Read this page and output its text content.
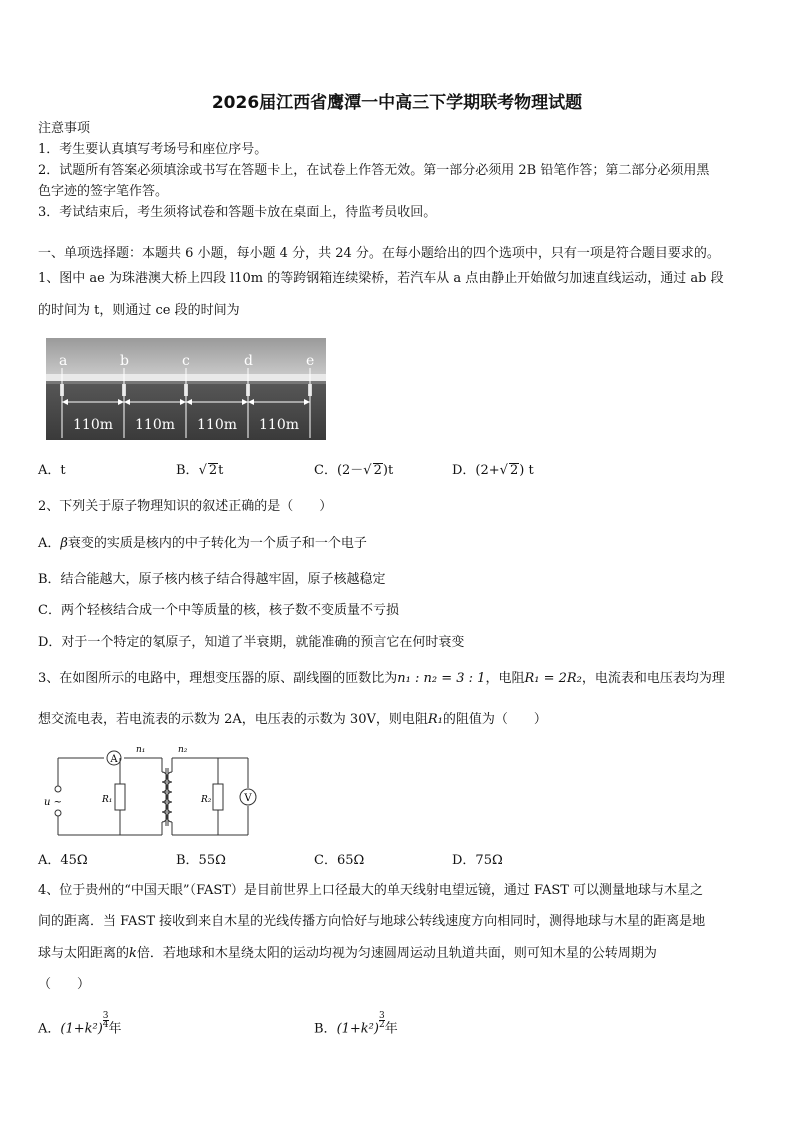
2026届江西省鹰潭一中高三下学期联考物理试题
注意事项
1．考生要认真填写考场号和座位序号。
2．试题所有答案必须填涂或书写在答题卡上，在试卷上作答无效。第一部分必须用 2B 铅笔作答；第二部分必须用黑
色字迹的签字笔作答。
3．考试结束后，考生须将试卷和答题卡放在桌面上，待监考员收回。
一、单项选择题：本题共 6 小题，每小题 4 分，共 24 分。在每小题给出的四个选项中，只有一项是符合题目要求的。
1、图中 ae 为珠港澳大桥上四段 l10m 的等跨钢箱连续梁桥，若汽车从 a 点由静止开始做匀加速直线运动，通过 ab 段
的时间为 t，则通过 ce 段的时间为
a	b	c	d	e
110m 110m 110m 110m
A．t	B．√ 2t	C．(2－√ 2)t	D．(2+√ 2) t
2、下列关于原子物理知识的叙述正确的是（　　）
A．β衰变的实质是核内的中子转化为一个质子和一个电子
B．结合能越大，原子核内核子结合得越牢固，原子核越稳定
C．两个轻核结合成一个中等质量的核，核子数不变质量不亏损
D．对于一个特定的氡原子，知道了半衰期，就能准确的预言它在何时衰变
3、在如图所示的电路中，理想变压器的原、副线圈的匝数比为n₁ : n₂ = 3 : 1，电阻R₁ = 2R₂，电流表和电压表均为理
想交流电表，若电流表的示数为 2A，电压表的示数为 30V，则电阻R₁的阻值为（　　）
A
V
n₁	n₂
u ~	R₁	R₂
A．45Ω	B．55Ω	C．65Ω	D．75Ω
4、位于贵州的“中国天眼”（FAST）是目前世界上口径最大的单天线射电望远镜，通过 FAST 可以测量地球与木星之
间的距离．当 FAST 接收到来自木星的光线传播方向恰好与地球公转线速度方向相同时，测得地球与木星的距离是地
球与太阳距离的k倍．若地球和木星绕太阳的运动均视为匀速圆周运动且轨道共面，则可知木星的公转周期为
（　　）
A．$(1+k^2) \frac{3}{4}$ 年	B．$(1+k^2) \frac{3}{2}$ 年
